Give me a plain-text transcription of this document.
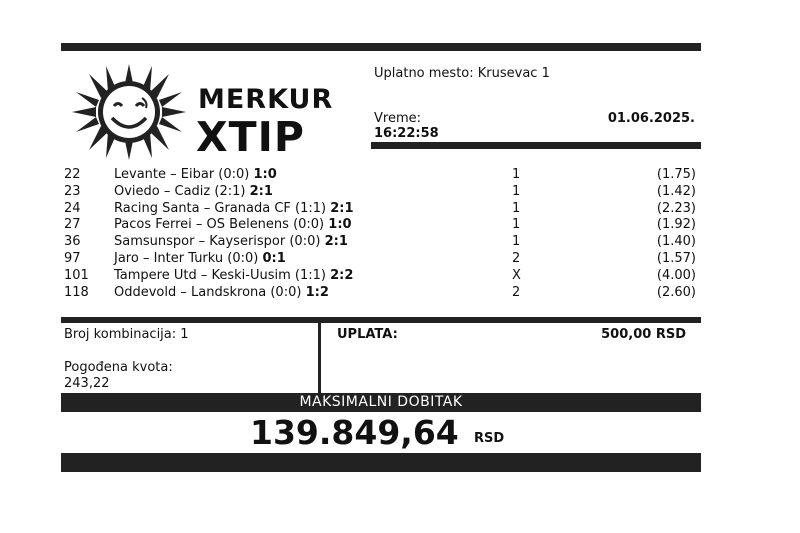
MERKUR
XTIP
Uplatno mesto: Krusevac 1
Vreme:
16:22:58
01.06.2025.
22	Levante – Eibar (0:0) 1:0	1	(1.75)
23	Oviedo – Cadiz (2:1) 2:1	1	(1.42)
24	Racing Santa – Granada CF (1:1) 2:1	1	(2.23)
27	Pacos Ferrei – OS Belenens (0:0) 1:0	1	(1.92)
36	Samsunspor – Kayserispor (0:0) 2:1	1	(1.40)
97	Jaro – Inter Turku (0:0) 0:1	2	(1.57)
101 Tampere Utd – Keski-Uusim (1:1) 2:2	X	(4.00)
118 Oddevold – Landskrona (0:0) 1:2	2	(2.60)
Broj kombinacija: 1
Pogođena kvota:
243,22
UPLATA:	500,00 RSD
MAKSIMALNI DOBITAK
139.849,64 RSD
